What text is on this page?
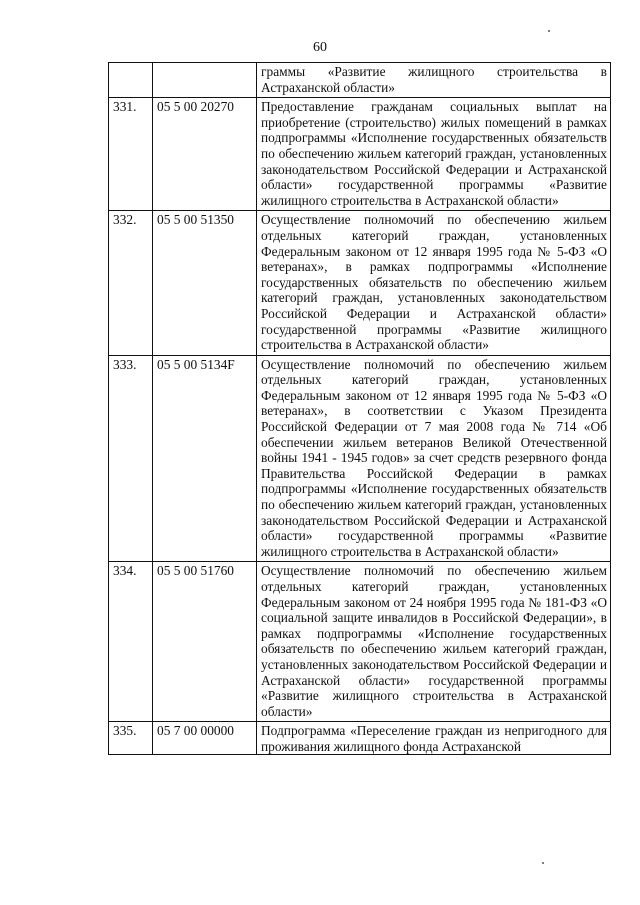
60
		граммы «Развитие жилищного строительства в Астраханской области»
331.	05 5 00 20270	Предоставление гражданам социальных выплат на приобретение (строительство) жилых помещений в рамках подпрограммы «Исполнение государственных обязательств по обеспечению жильем категорий граждан, установленных законодательством Российской Федерации и Астраханской области» государственной программы «Развитие жилищного строительства в Астраханской области»
332.	05 5 00 51350	Осуществление полномочий по обеспечению жильем отдельных категорий граждан, установленных Федеральным законом от 12 января 1995 года № 5-ФЗ «О ветеранах», в рамках подпрограммы «Исполнение государственных обязательств по обеспечению жильем категорий граждан, установленных законодательством Российской Федерации и Астраханской области» государственной программы «Развитие жилищного строительства в Астраханской области»
333.	05 5 00 5134F	Осуществление полномочий по обеспечению жильем отдельных категорий граждан, установленных Федеральным законом от 12 января 1995 года № 5-ФЗ «О ветеранах», в соответствии с Указом Президента Российской Федерации от 7 мая 2008 года № 714 «Об обеспечении жильем ветеранов Великой Отечественной войны 1941 - 1945 годов» за счет средств резервного фонда Правительства Российской Федерации в рамках подпрограммы «Исполнение государственных обязательств по обеспечению жильем категорий граждан, установленных законодательством Российской Федерации и Астраханской области» государственной программы «Развитие жилищного строительства в Астраханской области»
334.	05 5 00 51760	Осуществление полномочий по обеспечению жильем отдельных категорий граждан, установленных Федеральным законом от 24 ноября 1995 года № 181-ФЗ «О социальной защите инвалидов в Российской Федерации», в рамках подпрограммы «Исполнение государственных обязательств по обеспечению жильем категорий граждан, установленных законодательством Российской Федерации и Астраханской области» государственной программы «Развитие жилищного строительства в Астраханской области»
335.	05 7 00 00000	Подпрограмма «Переселение граждан из непригодного для проживания жилищного фонда Астраханской
